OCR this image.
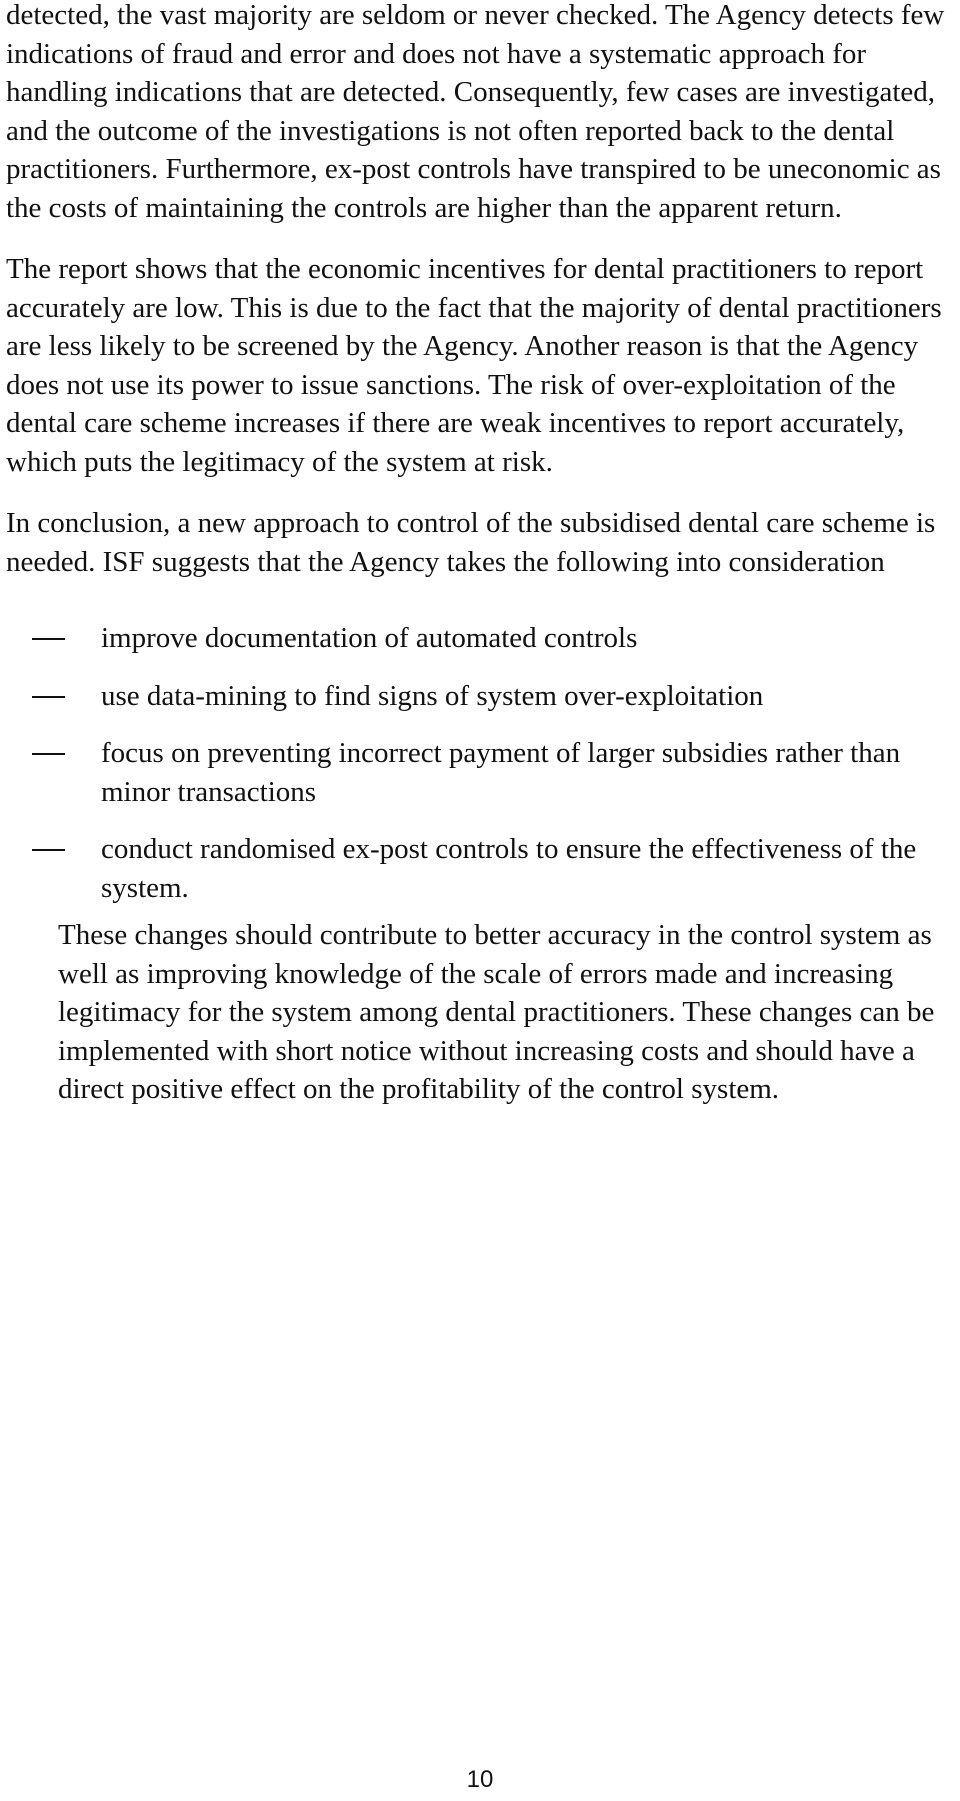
detected, the vast majority are seldom or never checked. The Agency detects few indications of fraud and error and does not have a systematic approach for handling indications that are detected. Consequently, few cases are investigated, and the outcome of the investigations is not often reported back to the dental practitioners. Furthermore, ex-post controls have transpired to be uneconomic as the costs of maintaining the controls are higher than the apparent return.

The report shows that the economic incentives for dental practitioners to report accurately are low. This is due to the fact that the majority of dental practitioners are less likely to be screened by the Agency. Another reason is that the Agency does not use its power to issue sanctions. The risk of over-exploitation of the dental care scheme increases if there are weak incentives to report accurately, which puts the legitimacy of the system at risk.

In conclusion, a new approach to control of the subsidised dental care scheme is needed. ISF suggests that the Agency takes the following into consideration

improve documentation of automated controls
use data-mining to find signs of system over-exploitation
focus on preventing incorrect payment of larger subsidies rather than minor transactions
conduct randomised ex-post controls to ensure the effectiveness of the system.

These changes should contribute to better accuracy in the control system as well as improving knowledge of the scale of errors made and increasing legitimacy for the system among dental practitioners. These changes can be implemented with short notice without increasing costs and should have a direct positive effect on the profitability of the control system.

10
